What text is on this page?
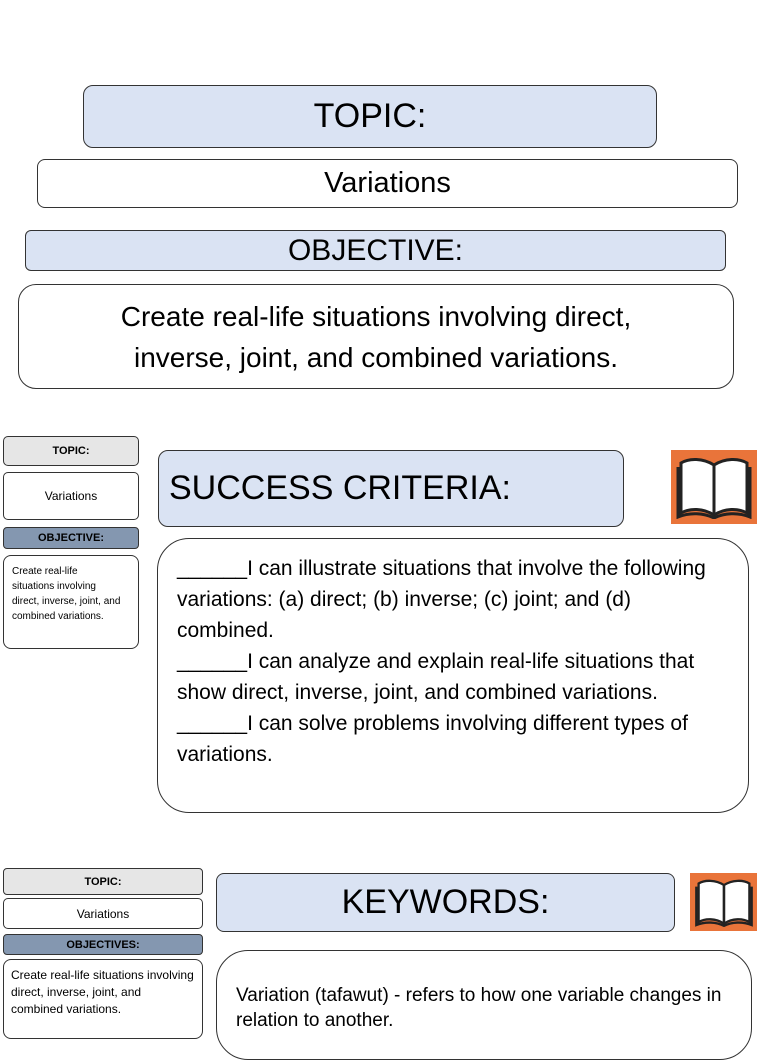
TOPIC:
Variations
OBJECTIVE:
Create real-life situations involving direct, inverse, joint, and combined variations.
TOPIC:
Variations
OBJECTIVE:
Create real-life situations involving direct, inverse, joint, and combined variations.
SUCCESS CRITERIA:
______I can illustrate situations that involve the following variations: (a) direct; (b) inverse; (c) joint; and (d) combined.
______I can analyze and explain real-life situations that show direct, inverse, joint, and combined variations.
______I can solve problems involving different types of variations.
TOPIC:
Variations
OBJECTIVES:
Create real-life situations involving direct, inverse, joint, and combined variations.
KEYWORDS:
Variation (tafawut) - refers to how one variable changes in relation to another.
